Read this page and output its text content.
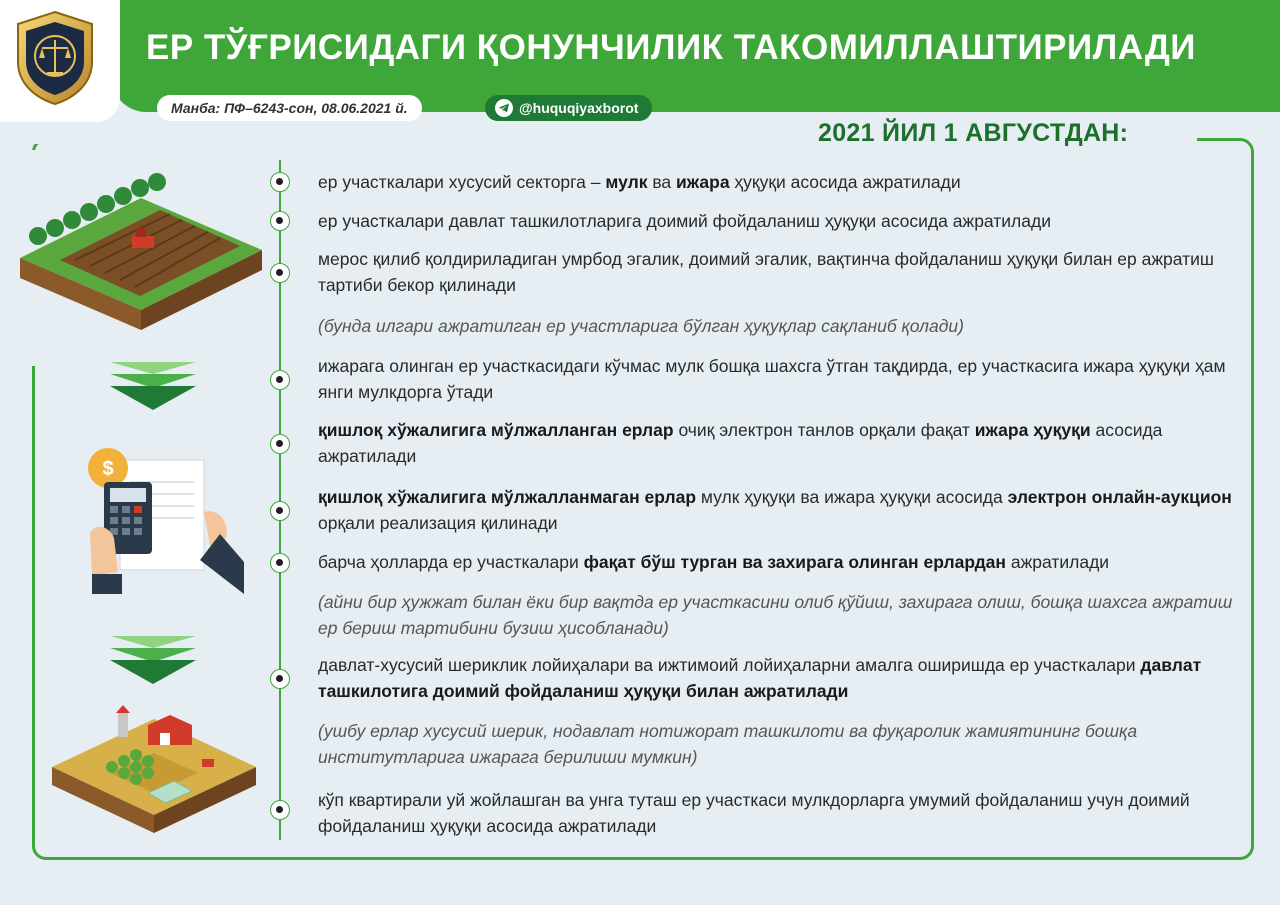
ЕР ТЎҒРИСИДАГИ ҚОНУНЧИЛИК ТАКОМИЛЛАШТИРИЛАДИ
Манба: ПФ–6243-сон, 08.06.2021 й.	@huquqiyaxborot
2021 ЙИЛ 1 АВГУСТДАН:
ер участкалари хусусий секторга – мулк ва ижара ҳуқуқи асосида ажратилади
ер участкалари давлат ташкилотларига доимий фойдаланиш ҳуқуқи асосида ажратилади
мерос қилиб қолдириладиган умрбод эгалик, доимий эгалик, вақтинча фойдаланиш ҳуқуқи билан ер ажратиш тартиби бекор қилинади
(бунда илгари ажратилган ер участларига бўлган ҳуқуқлар сақланиб қолади)
ижарага олинган ер участкасидаги кўчмас мулк бошқа шахсга ўтган тақдирда, ер участкасига ижара ҳуқуқи ҳам янги мулкдорга ўтади
қишлоқ хўжалигига мўлжалланган ерлар очиқ электрон танлов орқали фақат ижара ҳуқуқи асосида ажратилади
қишлоқ хўжалигига мўлжалланмаган ерлар мулк ҳуқуқи ва ижара ҳуқуқи асосида электрон онлайн-аукцион орқали реализация қилинади
барча ҳолларда ер участкалари фақат бўш турган ва захирага олинган ерлардан ажратилади
(айни бир ҳужжат билан ёки бир вақтда ер участкасини олиб қўйиш, захирага олиш, бошқа шахсга ажратиш ер бериш тартибини бузиш ҳисобланади)
давлат-хусусий шериклик лойиҳалари ва ижтимоий лойиҳаларни амалга оширишда ер участкалари давлат ташкилотига доимий фойдаланиш ҳуқуқи билан ажратилади
(ушбу ерлар хусусий шерик, нодавлат нотижорат ташкилоти ва фуқаролик жамиятининг бошқа институтларига ижарага берилиши мумкин)
кўп квартирали уй жойлашган ва унга туташ ер участкаси мулкдорларга умумий фойдаланиш учун доимий фойдаланиш ҳуқуқи асосида ажратилади
$
